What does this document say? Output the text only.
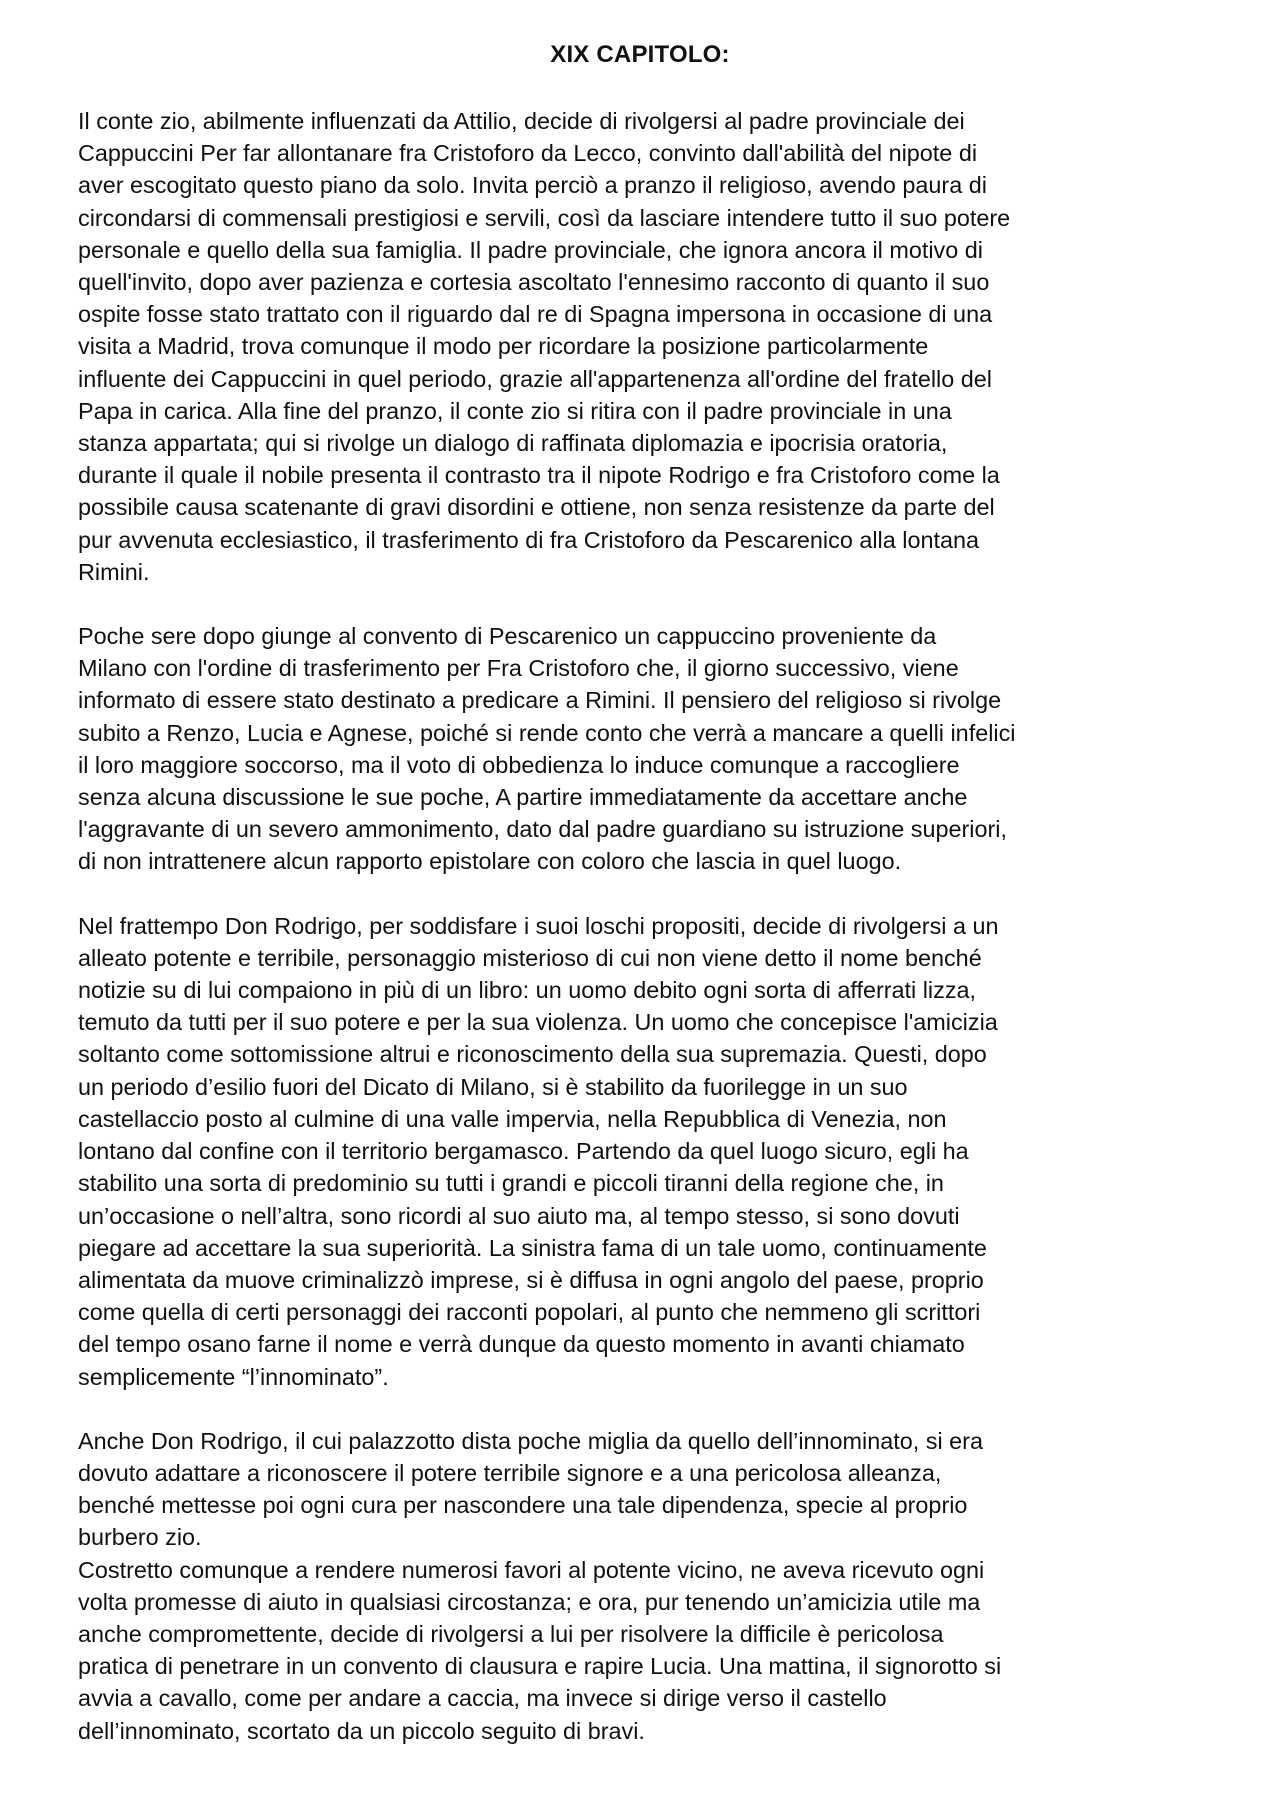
XIX CAPITOLO:

Il conte zio, abilmente influenzati da Attilio, decide di rivolgersi al padre provinciale dei
Cappuccini Per far allontanare fra Cristoforo da Lecco, convinto dall'abilità del nipote di
aver escogitato questo piano da solo. Invita perciò a pranzo il religioso, avendo paura di
circondarsi di commensali prestigiosi e servili, così da lasciare intendere tutto il suo potere
personale e quello della sua famiglia. Il padre provinciale, che ignora ancora il motivo di
quell'invito, dopo aver pazienza e cortesia ascoltato l'ennesimo racconto di quanto il suo
ospite fosse stato trattato con il riguardo dal re di Spagna impersona in occasione di una
visita a Madrid, trova comunque il modo per ricordare la posizione particolarmente
influente dei Cappuccini in quel periodo, grazie all'appartenenza all'ordine del fratello del
Papa in carica. Alla fine del pranzo, il conte zio si ritira con il padre provinciale in una
stanza appartata; qui si rivolge un dialogo di raffinata diplomazia e ipocrisia oratoria,
durante il quale il nobile presenta il contrasto tra il nipote Rodrigo e fra Cristoforo come la
possibile causa scatenante di gravi disordini e ottiene, non senza resistenze da parte del
pur avvenuta ecclesiastico, il trasferimento di fra Cristoforo da Pescarenico alla lontana
Rimini.

Poche sere dopo giunge al convento di Pescarenico un cappuccino proveniente da
Milano con l'ordine di trasferimento per Fra Cristoforo che, il giorno successivo, viene
informato di essere stato destinato a predicare a Rimini. Il pensiero del religioso si rivolge
subito a Renzo, Lucia e Agnese, poiché si rende conto che verrà a mancare a quelli infelici
il loro maggiore soccorso, ma il voto di obbedienza lo induce comunque a raccogliere
senza alcuna discussione le sue poche, A partire immediatamente da accettare anche
l'aggravante di un severo ammonimento, dato dal padre guardiano su istruzione superiori,
di non intrattenere alcun rapporto epistolare con coloro che lascia in quel luogo.

Nel frattempo Don Rodrigo, per soddisfare i suoi loschi propositi, decide di rivolgersi a un
alleato potente e terribile, personaggio misterioso di cui non viene detto il nome benché
notizie su di lui compaiono in più di un libro: un uomo debito ogni sorta di afferrati lizza,
temuto da tutti per il suo potere e per la sua violenza. Un uomo che concepisce l'amicizia
soltanto come sottomissione altrui e riconoscimento della sua supremazia. Questi, dopo
un periodo d’esilio fuori del Dicato di Milano, si è stabilito da fuorilegge in un suo
castellaccio posto al culmine di una valle impervia, nella Repubblica di Venezia, non
lontano dal confine con il territorio bergamasco. Partendo da quel luogo sicuro, egli ha
stabilito una sorta di predominio su tutti i grandi e piccoli tiranni della regione che, in
un’occasione o nell’altra, sono ricordi al suo aiuto ma, al tempo stesso, si sono dovuti
piegare ad accettare la sua superiorità. La sinistra fama di un tale uomo, continuamente
alimentata da muove criminalizzò imprese, si è diffusa in ogni angolo del paese, proprio
come quella di certi personaggi dei racconti popolari, al punto che nemmeno gli scrittori
del tempo osano farne il nome e verrà dunque da questo momento in avanti chiamato
semplicemente “l’innominato”.

Anche Don Rodrigo, il cui palazzotto dista poche miglia da quello dell’innominato, si era
dovuto adattare a riconoscere il potere terribile signore e a una pericolosa alleanza,
benché mettesse poi ogni cura per nascondere una tale dipendenza, specie al proprio
burbero zio.

Costretto comunque a rendere numerosi favori al potente vicino, ne aveva ricevuto ogni
volta promesse di aiuto in qualsiasi circostanza; e ora, pur tenendo un’amicizia utile ma
anche compromettente, decide di rivolgersi a lui per risolvere la difficile è pericolosa
pratica di penetrare in un convento di clausura e rapire Lucia. Una mattina, il signorotto si
avvia a cavallo, come per andare a caccia, ma invece si dirige verso il castello
dell’innominato, scortato da un piccolo seguito di bravi.
